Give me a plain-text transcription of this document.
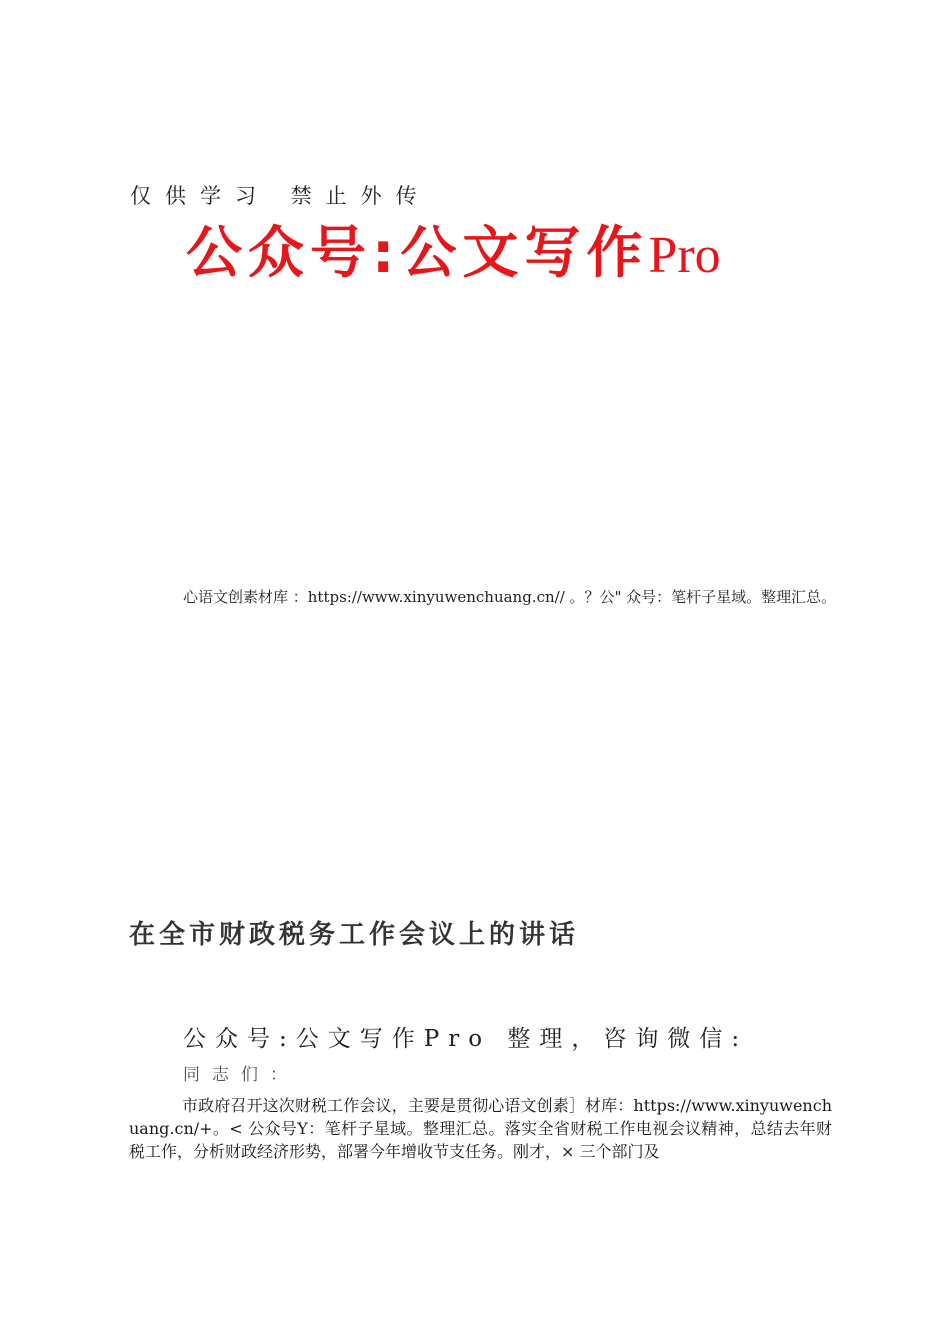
仅供学习 禁止外传
公众号:公文写作Pro
心语文创素材库 ：https://www.xinyuwenchuang.cn// 。？公" 众号：笔杆子星域。整理汇总。
在全市财政税务工作会议上的讲话
公众号:公文写作Pro 整理，咨询微信:
同志们：
市政府召开这次财税工作会议，主要是贯彻心语文创素］材库：https://www.xinyuwenchuang.cn/+。< 公众号Y：笔杆子星域。整理汇总。落实全省财税工作电视会议精神，总结去年财税工作，分析财政经济形势，部署今年增收节支任务。刚才，× 三个部门及
